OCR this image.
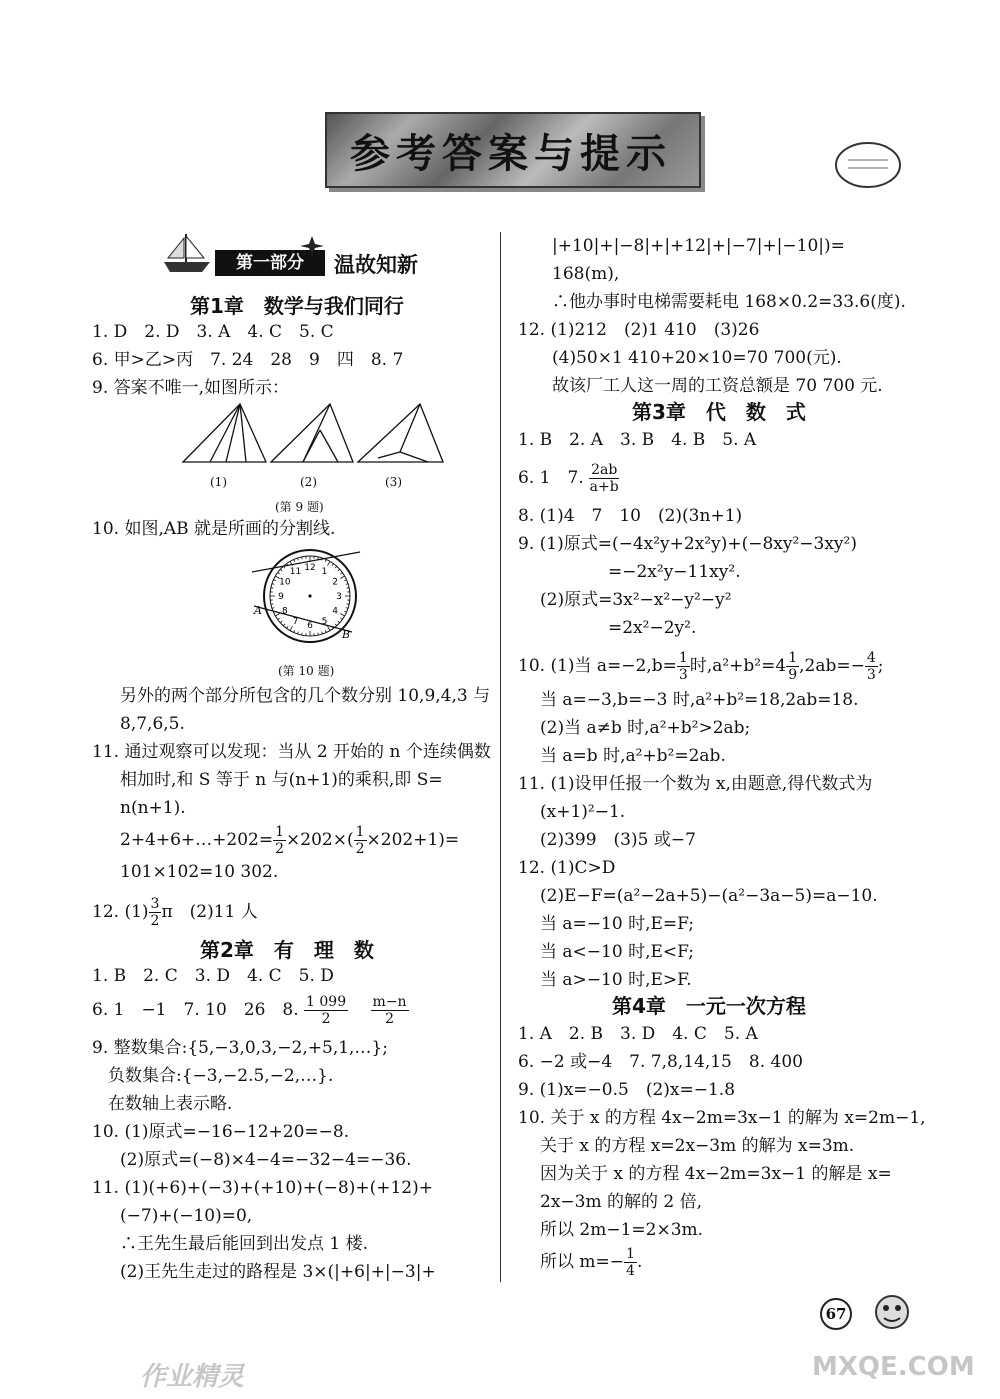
参考答案与提示
第一部分	温故知新
第1章　数学与我们同行
1. D　2. D　3. A　4. C　5. C
6. 甲>乙>丙　7. 24　28　9　四　8. 7
9. 答案不唯一,如图所示：
(1)	(2)	(3)
(第 9 题)
10. 如图,AB 就是所画的分割线.
12 1
2
3
4
5
6
7
8
9
10
11
A
B
(第 10 题)
另外的两个部分所包含的几个数分别 10,9,4,3 与
8,7,6,5.
11. 通过观察可以发现：当从 2 开始的 n 个连续偶数
相加时,和 S 等于 n 与(n+1)的乘积,即 S=
n(n+1).
2+4+6+…+202= $\frac{1}{2} \times 202\times( \frac{1}{2} \times 202+1)=$
101×102=10 302.
12. $(1) \frac{3}{2}$ π　(2)11 人
第2章　有　理　数
1. B　2. C　3. D　4. C　5. D
6. 1　−1　7. 10　26　8. $\frac{1 099}{2}$
  $\frac{m-n}{2}$
9. 整数集合:{5,−3,0,3,−2,+5,1,…};
负数集合:{−3,−2.5,−2,…}.
在数轴上表示略.
10. (1)原式=−16−12+20=−8.
(2)原式=(−8)×4−4=−32−4=−36.
11. (1)(+6)+(−3)+(+10)+(−8)+(+12)+
(−7)+(−10)=0,
∴王先生最后能回到出发点 1 楼.
(2)王先生走过的路程是 3×(|+6|+|−3|+
|+10|+|−8|+|+12|+|−7|+|−10|)=
168(m),
∴他办事时电梯需要耗电 168×0.2=33.6(度).
12. (1)212　(2)1 410　(3)26
(4)50×1 410+20×10=70 700(元).
故该厂工人这一周的工资总额是 70 700 元.
第3章　代　数　式
1. B　2. A　3. B　4. B　5. A
6. 1　7. $\frac{2ab}{a+b}$
8. (1)4　7　10　(2)(3n+1)
9. (1)原式=(−4x²y+2x²y)+(−8xy²−3xy²)
=−2x²y−11xy².
(2)原式=3x²−x²−y²−y²
=2x²−2y².
10. (1)当 $a=-2,b= \frac{1}{3}$ 时$,a^2+b^2=4 \frac{1}{9} ,2ab=- \frac{4}{3}$ ;
当 a=−3,b=−3 时,a²+b²=18,2ab=18.
(2)当 a≠b 时,a²+b²>2ab;
当 a=b 时,a²+b²=2ab.
11. (1)设甲任报一个数为 x,由题意,得代数式为
(x+1)²−1.
(2)399　(3)5 或−7
12. (1)C>D
(2)E−F=(a²−2a+5)−(a²−3a−5)=a−10.
当 a=−10 时,E=F;
当 a<−10 时,E<F;
当 a>−10 时,E>F.
第4章　一元一次方程
1. A　2. B　3. D　4. C　5. A
6. −2 或−4　7. 7,8,14,15　8. 400
9. (1)x=−0.5　(2)x=−1.8
10. 关于 x 的方程 4x−2m=3x−1 的解为 x=2m−1,
关于 x 的方程 x=2x−3m 的解为 x=3m.
因为关于 x 的方程 4x−2m=3x−1 的解是 x=
2x−3m 的解的 2 倍,
所以 2m−1=2×3m.
所以 $m=- \frac{1}{4}$ .
67
MXQE.COM
作业精灵
